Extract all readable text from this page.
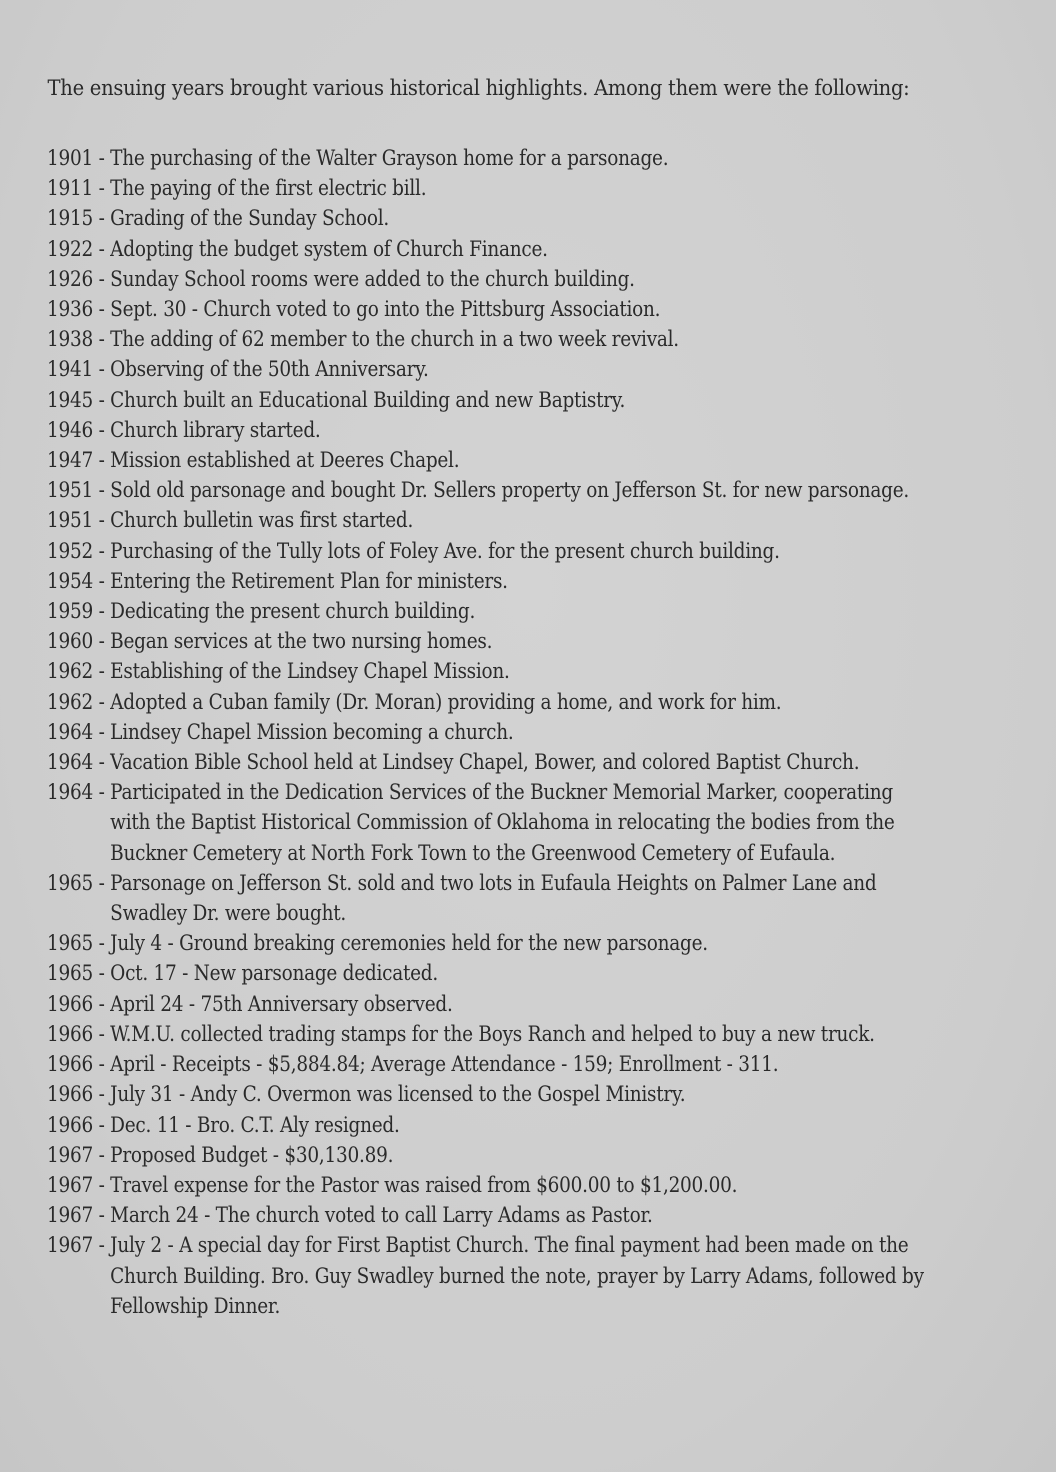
The ensuing years brought various historical highlights. Among them were the following:

1901 - The purchasing of the Walter Grayson home for a parsonage.
1911 - The paying of the first electric bill.
1915 - Grading of the Sunday School.
1922 - Adopting the budget system of Church Finance.
1926 - Sunday School rooms were added to the church building.
1936 - Sept. 30 - Church voted to go into the Pittsburg Association.
1938 - The adding of 62 member to the church in a two week revival.
1941 - Observing of the 50th Anniversary.
1945 - Church built an Educational Building and new Baptistry.
1946 - Church library started.
1947 - Mission established at Deeres Chapel.
1951 - Sold old parsonage and bought Dr. Sellers property on Jefferson St. for new parsonage.
1951 - Church bulletin was first started.
1952 - Purchasing of the Tully lots of Foley Ave. for the present church building.
1954 - Entering the Retirement Plan for ministers.
1959 - Dedicating the present church building.
1960 - Began services at the two nursing homes.
1962 - Establishing of the Lindsey Chapel Mission.
1962 - Adopted a Cuban family (Dr. Moran) providing a home, and work for him.
1964 - Lindsey Chapel Mission becoming a church.
1964 - Vacation Bible School held at Lindsey Chapel, Bower, and colored Baptist Church.
1964 - Participated in the Dedication Services of the Buckner Memorial Marker, cooperating with the Baptist Historical Commission of Oklahoma in relocating the bodies from the Buckner Cemetery at North Fork Town to the Greenwood Cemetery of Eufaula.
1965 - Parsonage on Jefferson St. sold and two lots in Eufaula Heights on Palmer Lane and Swadley Dr. were bought.
1965 - July 4 - Ground breaking ceremonies held for the new parsonage.
1965 - Oct. 17 - New parsonage dedicated.
1966 - April 24 - 75th Anniversary observed.
1966 - W.M.U. collected trading stamps for the Boys Ranch and helped to buy a new truck.
1966 - April - Receipts - $5,884.84; Average Attendance - 159; Enrollment - 311.
1966 - July 31 - Andy C. Overmon was licensed to the Gospel Ministry.
1966 - Dec. 11 - Bro. C.T. Aly resigned.
1967 - Proposed Budget - $30,130.89.
1967 - Travel expense for the Pastor was raised from $600.00 to $1,200.00.
1967 - March 24 - The church voted to call Larry Adams as Pastor.
1967 - July 2 - A special day for First Baptist Church. The final payment had been made on the Church Building. Bro. Guy Swadley burned the note, prayer by Larry Adams, followed by Fellowship Dinner.
